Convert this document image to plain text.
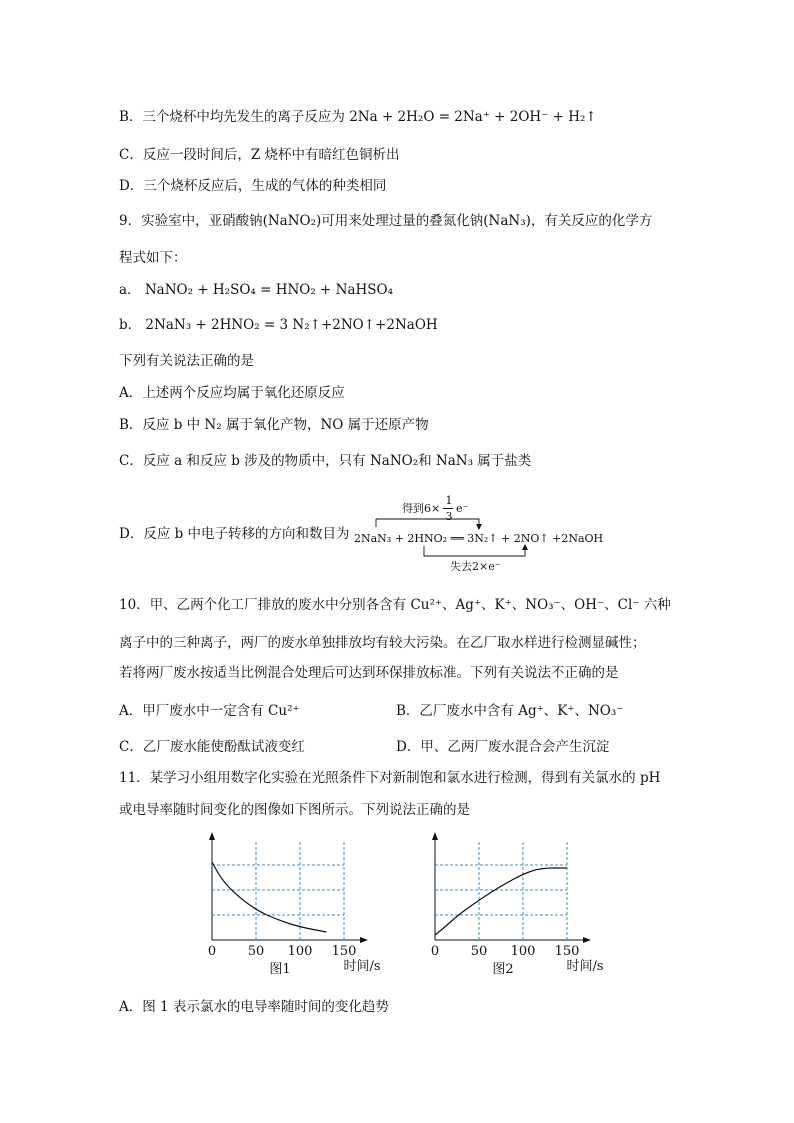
B．三个烧杯中均先发生的离子反应为 2Na + 2H₂O = 2Na⁺ + 2OH⁻ + H₂↑
C．反应一段时间后，Z 烧杯中有暗红色铜析出
D．三个烧杯反应后，生成的气体的种类相同
9．实验室中，亚硝酸钠(NaNO₂)可用来处理过量的叠氮化钠(NaN₃)，有关反应的化学方
程式如下：
a． NaNO₂ + H₂SO₄ = HNO₂ + NaHSO₄
b． 2NaN₃ + 2HNO₂ = 3 N₂↑+2NO↑+2NaOH
下列有关说法正确的是
A．上述两个反应均属于氧化还原反应
B．反应 b 中 N₂ 属于氧化产物，NO 属于还原产物
C．反应 a 和反应 b 涉及的物质中，只有 NaNO₂和 NaN₃ 属于盐类
D．反应 b 中电子转移的方向和数目为
得到6×
1
3
e⁻
2NaN₃ + 2HNO₂ ══ 3N₂↑ + 2NO↑ +2NaOH
失去2×e⁻
10．甲、乙两个化工厂排放的废水中分别各含有 Cu²⁺、Ag⁺、K⁺、NO₃⁻、OH⁻、Cl⁻ 六种
离子中的三种离子，两厂的废水单独排放均有较大污染。在乙厂取水样进行检测显碱性；
若将两厂废水按适当比例混合处理后可达到环保排放标准。下列有关说法不正确的是
A．甲厂废水中一定含有 Cu²⁺	B．乙厂废水中含有 Ag⁺、K⁺、NO₃⁻
C．乙厂废水能使酚酞试液变红	D．甲、乙两厂废水混合会产生沉淀
11．某学习小组用数字化实验在光照条件下对新制饱和氯水进行检测，得到有关氯水的 pH
或电导率随时间变化的图像如下图所示。下列说法正确的是
0 50 100 150
时间/s
图1
0 50 100 150
时间/s
图2
A．图 1 表示氯水的电导率随时间的变化趋势
